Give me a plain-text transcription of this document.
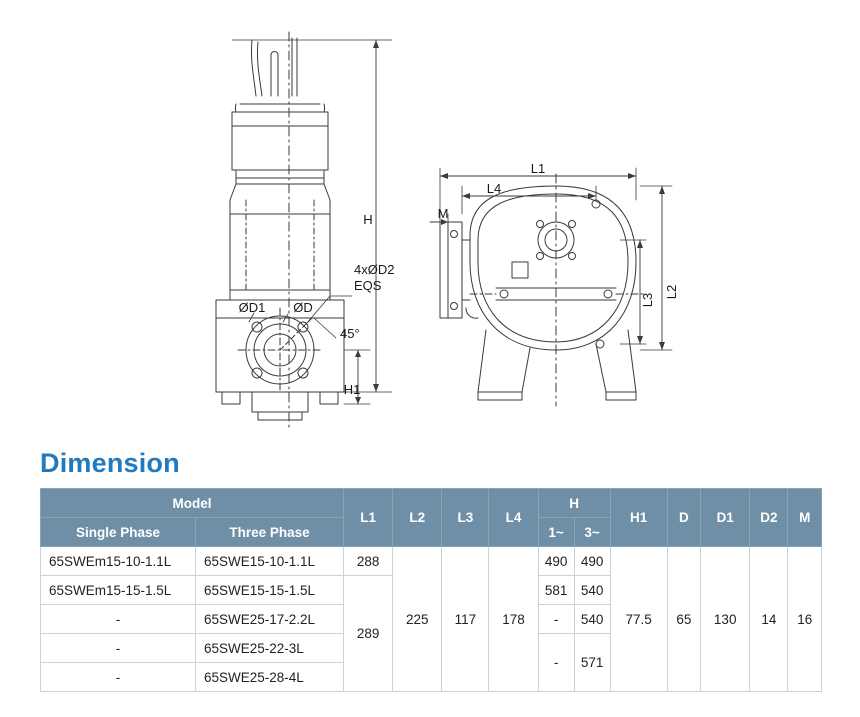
H
H1
4xØD2
EQS
ØD1 ØD
45°
L1
L4
M
L2
L3
Dimension
Model		L1	L2	L3	L4	H		H1	D	D1	D2	M
Single Phase	Three Phase					1~	3~					
65SWEm15-10-1.1L	65SWE15-10-1.1L	288	225	117	178	490	490	77.5	65	130	14	16
65SWEm15-15-1.5L	65SWE15-15-1.5L	289				581	540					
-	65SWE25-17-2.2L					-	540					
-	65SWE25-22-3L					-	571					
-	65SWE25-28-4L											
